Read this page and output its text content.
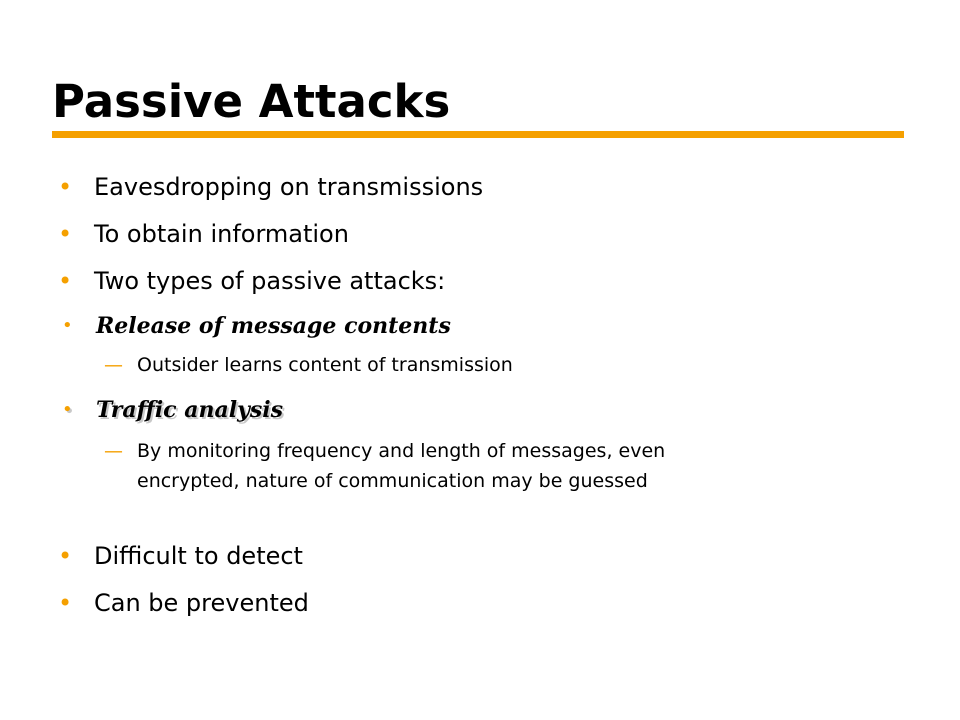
Passive Attacks
• Eavesdropping on transmissions
• To obtain information
• Two types of passive attacks:
• Release of message contents
— Outsider learns content of transmission
• Traffic analysis
— By monitoring frequency and length of messages, even
encrypted, nature of communication may be guessed
• Difficult to detect
• Can be prevented
